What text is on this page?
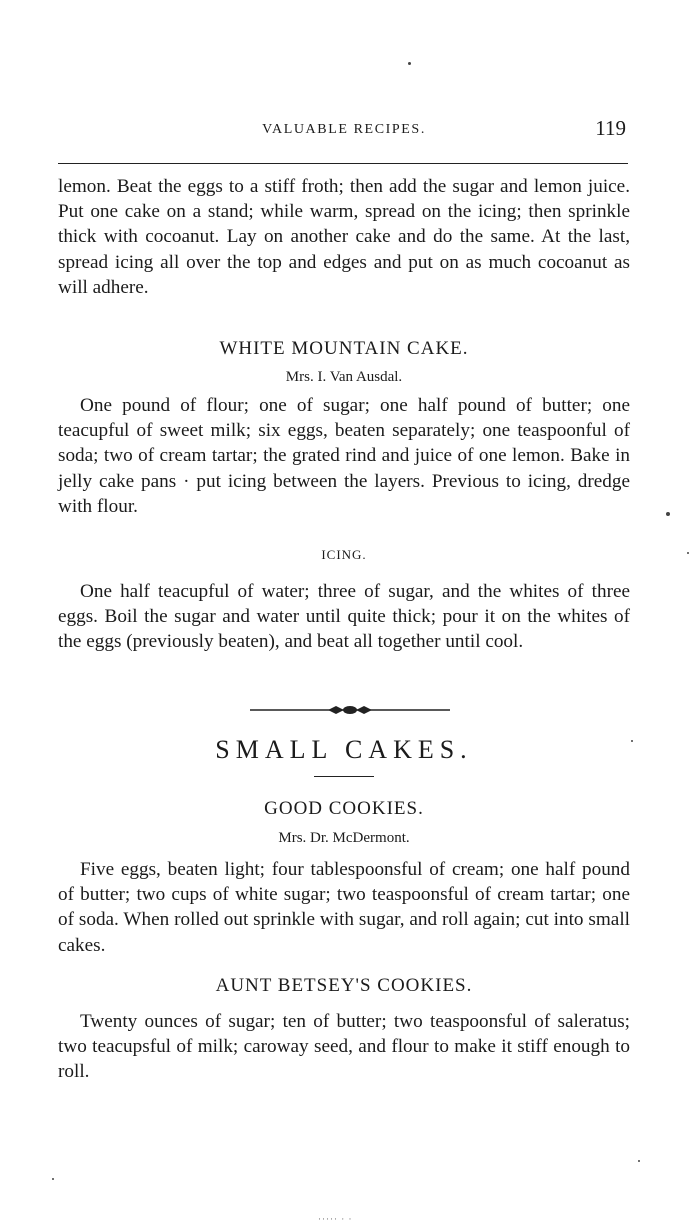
VALUABLE RECIPES.	119
lemon. Beat the eggs to a stiff froth; then add the sugar and lemon juice. Put one cake on a stand; while warm, spread on the icing; then sprinkle thick with cocoanut. Lay on another cake and do the same. At the last, spread icing all over the top and edges and put on as much cocoanut as will adhere.
WHITE MOUNTAIN CAKE.
Mrs. I. Van Ausdal.
One pound of flour; one of sugar; one half pound of butter; one teacupful of sweet milk; six eggs, beaten separately; one teaspoonful of soda; two of cream tartar; the grated rind and juice of one lemon. Bake in jelly cake pans · put icing between the layers. Previous to icing, dredge with flour.
ICING.
One half teacupful of water; three of sugar, and the whites of three eggs. Boil the sugar and water until quite thick; pour it on the whites of the eggs (previously beaten), and beat all together until cool.
SMALL CAKES.
GOOD COOKIES.
Mrs. Dr. McDermont.
Five eggs, beaten light; four tablespoonsful of cream; one half pound of butter; two cups of white sugar; two teaspoonsful of cream tartar; one of soda. When rolled out sprinkle with sugar, and roll again; cut into small cakes.
AUNT BETSEY'S COOKIES.
Twenty ounces of sugar; ten of butter; two teaspoonsful of saleratus; two teacupsful of milk; caroway seed, and flour to make it stiff enough to roll.
····· · ·
